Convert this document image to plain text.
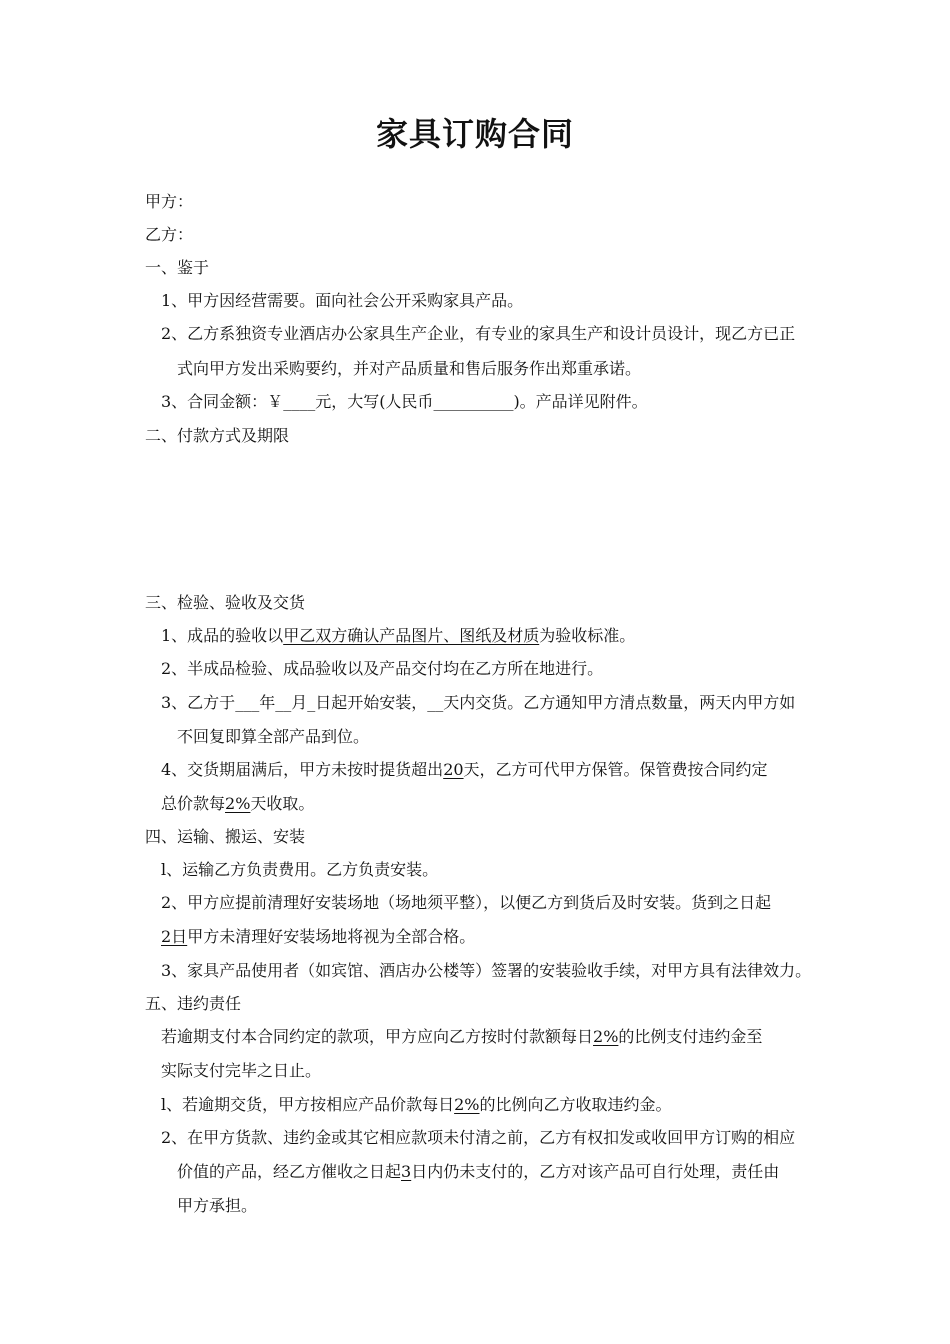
家具订购合同
甲方：
乙方：
一、鉴于
1、甲方因经营需要。面向社会公开采购家具产品。
2、乙方系独资专业酒店办公家具生产企业，有专业的家具生产和设计员设计，现乙方已正
式向甲方发出采购要约，并对产品质量和售后服务作出郑重承诺。
3、合同金额：￥____元，大写(人民币__________)。产品详见附件。
二、付款方式及期限
三、检验、验收及交货
1、成品的验收以甲乙双方确认产品图片、图纸及材质为验收标准。
2、半成品检验、成品验收以及产品交付均在乙方所在地进行。
3、乙方于___年__月_日起开始安装，__天内交货。乙方通知甲方清点数量，两天内甲方如
不回复即算全部产品到位。
4、交货期届满后，甲方未按时提货超出20天，乙方可代甲方保管。保管费按合同约定
总价款每2%天收取。
四、运输、搬运、安装
l、运输乙方负责费用。乙方负责安装。
2、甲方应提前清理好安装场地（场地须平整），以便乙方到货后及时安装。货到之日起
2日甲方未清理好安装场地将视为全部合格。
3、家具产品使用者（如宾馆、酒店办公楼等）签署的安装验收手续，对甲方具有法律效力。
五、违约责任
若逾期支付本合同约定的款项，甲方应向乙方按时付款额每日2%的比例支付违约金至
实际支付完毕之日止。
l、若逾期交货，甲方按相应产品价款每日2%的比例向乙方收取违约金。
2、在甲方货款、违约金或其它相应款项未付清之前，乙方有权扣发或收回甲方订购的相应
价值的产品，经乙方催收之日起3日内仍未支付的，乙方对该产品可自行处理，责任由
甲方承担。
